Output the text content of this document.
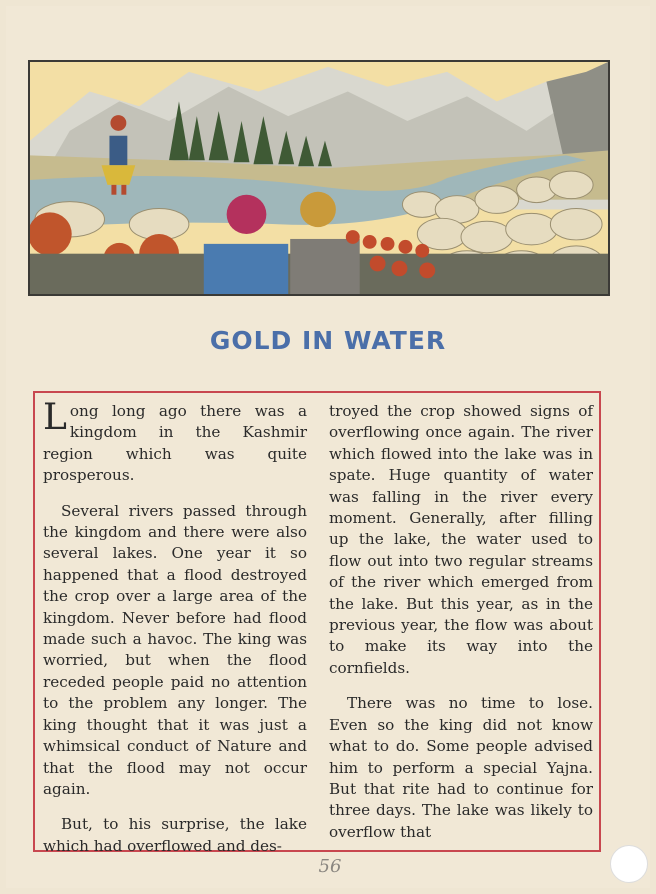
GOLD IN WATER

Long long ago there was a kingdom in the Kashmir region which was quite prosperous.

Several rivers passed through the kingdom and there were also several lakes. One year it so happened that a flood destroyed the crop over a large area of the kingdom. Never before had flood made such a havoc. The king was worried, but when the flood receded people paid no attention to the problem any longer. The king thought that it was just a whimsical conduct of Nature and that the flood may not occur again.

But, to his surprise, the lake which had overflowed and des-

troyed the crop showed signs of overflowing once again. The river which flowed into the lake was in spate. Huge quantity of water was falling in the river every moment. Generally, after filling up the lake, the water used to flow out into two regular streams of the river which emerged from the lake. But this year, as in the previous year, the flow was about to make its way into the cornfields.

There was no time to lose. Even so the king did not know what to do. Some people advised him to perform a special Yajna. But that rite had to continue for three days. The lake was likely to overflow that

56
